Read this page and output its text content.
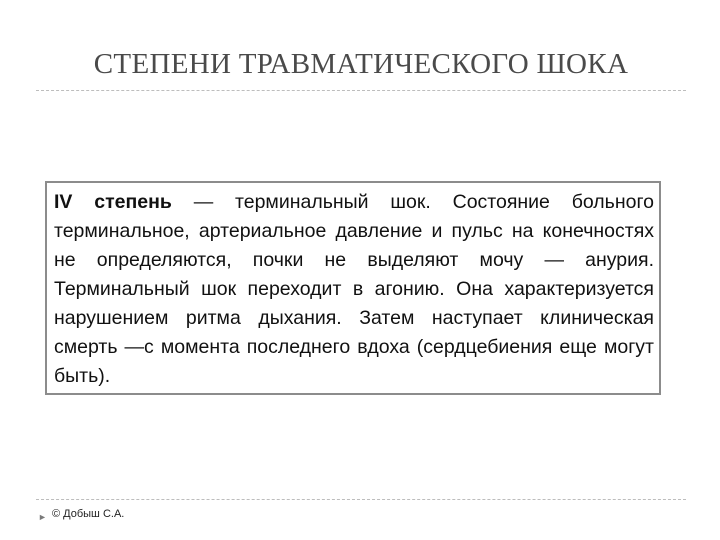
СТЕПЕНИ ТРАВМАТИЧЕСКОГО ШОКА

IV степень — терминальный шок. Состояние больного терминальное, артериальное давление и пульс на конечностях не определяются, почки не выделяют мочу — анурия. Терминальный шок переходит в агонию. Она характеризуется нарушением ритма дыхания. Затем наступает клиническая смерть —с момента последнего вдоха (сердцебиения еще могут быть).

► © Добыш С.А.
